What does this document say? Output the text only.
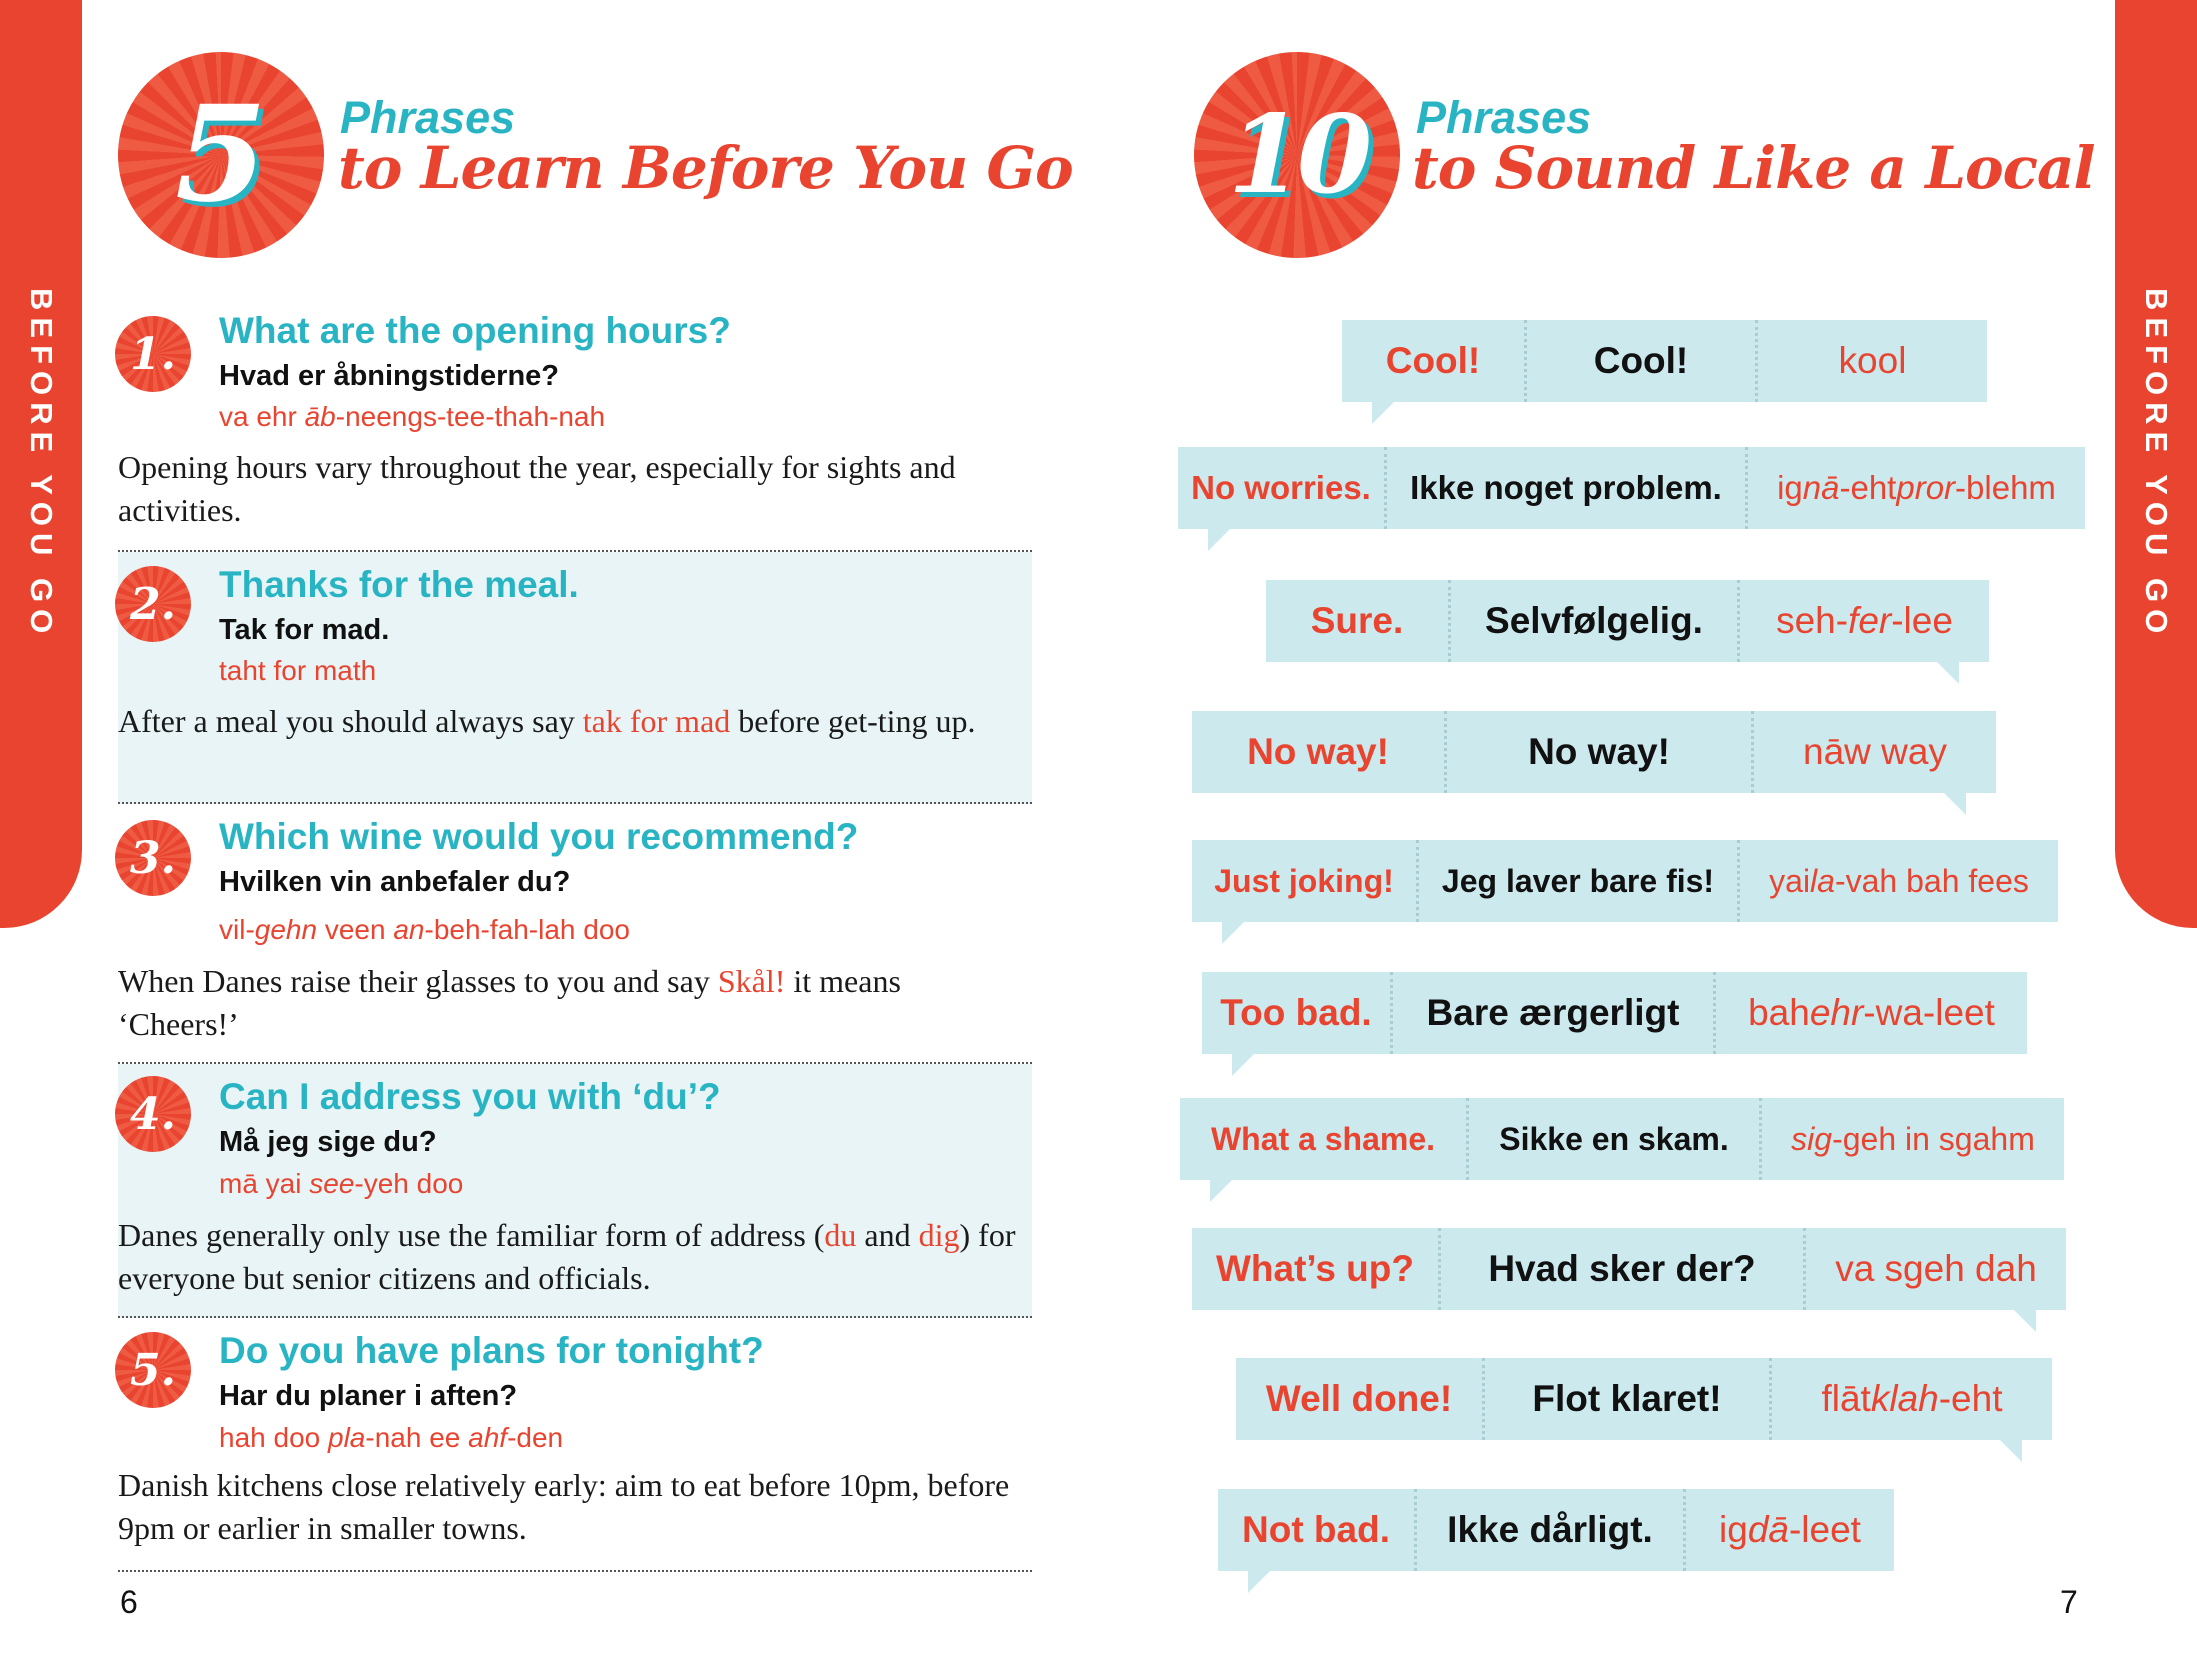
BEFORE YOU GO	BEFORE YOU GO
5 Phrases
to Learn Before You Go
1. What are the opening hours?
Hvad er åbningstiderne?
va ehr āb-neengs-tee-thah-nah
Opening hours vary throughout the year, especially for sights and activities.
2. Thanks for the meal.
Tak for mad.
taht for math
After a meal you should always say tak for mad before get-ting up.
3. Which wine would you recommend?
Hvilken vin anbefaler du?
vil-gehn veen an-beh-fah-lah doo
When Danes raise their glasses to you and say Skål! it means ‘Cheers!’
4. Can I address you with ‘du’?
Må jeg sige du?
mā yai see-yeh doo
Danes generally only use the familiar form of address (du and dig) for everyone but senior citizens and officials.
5. Do you have plans for tonight?
Har du planer i aften?
hah doo pla-nah ee ahf-den
Danish kitchens close relatively early: aim to eat before 10pm, before 9pm or earlier in smaller towns.
6
10 Phrases
to Sound Like a Local
Cool!	Cool!	kool
No worries.	Ikke noget problem.	ig nā -eht pror -blehm
Sure.	Selvfølgelig.	seh- fer -lee
No way!	No way!	nāw way
Just joking!	Jeg laver bare fis!	yai la -vah bah fees
Too bad.	Bare ærgerligt	bah ehr -wa-leet
What a shame.	Sikke en skam.	sig -geh in sgahm
What’s up?	Hvad sker der?	va sgeh dah
Well done!	Flot klaret!	flāt klah -eht
Not bad.	Ikke dårligt.	ig dā -leet
7
